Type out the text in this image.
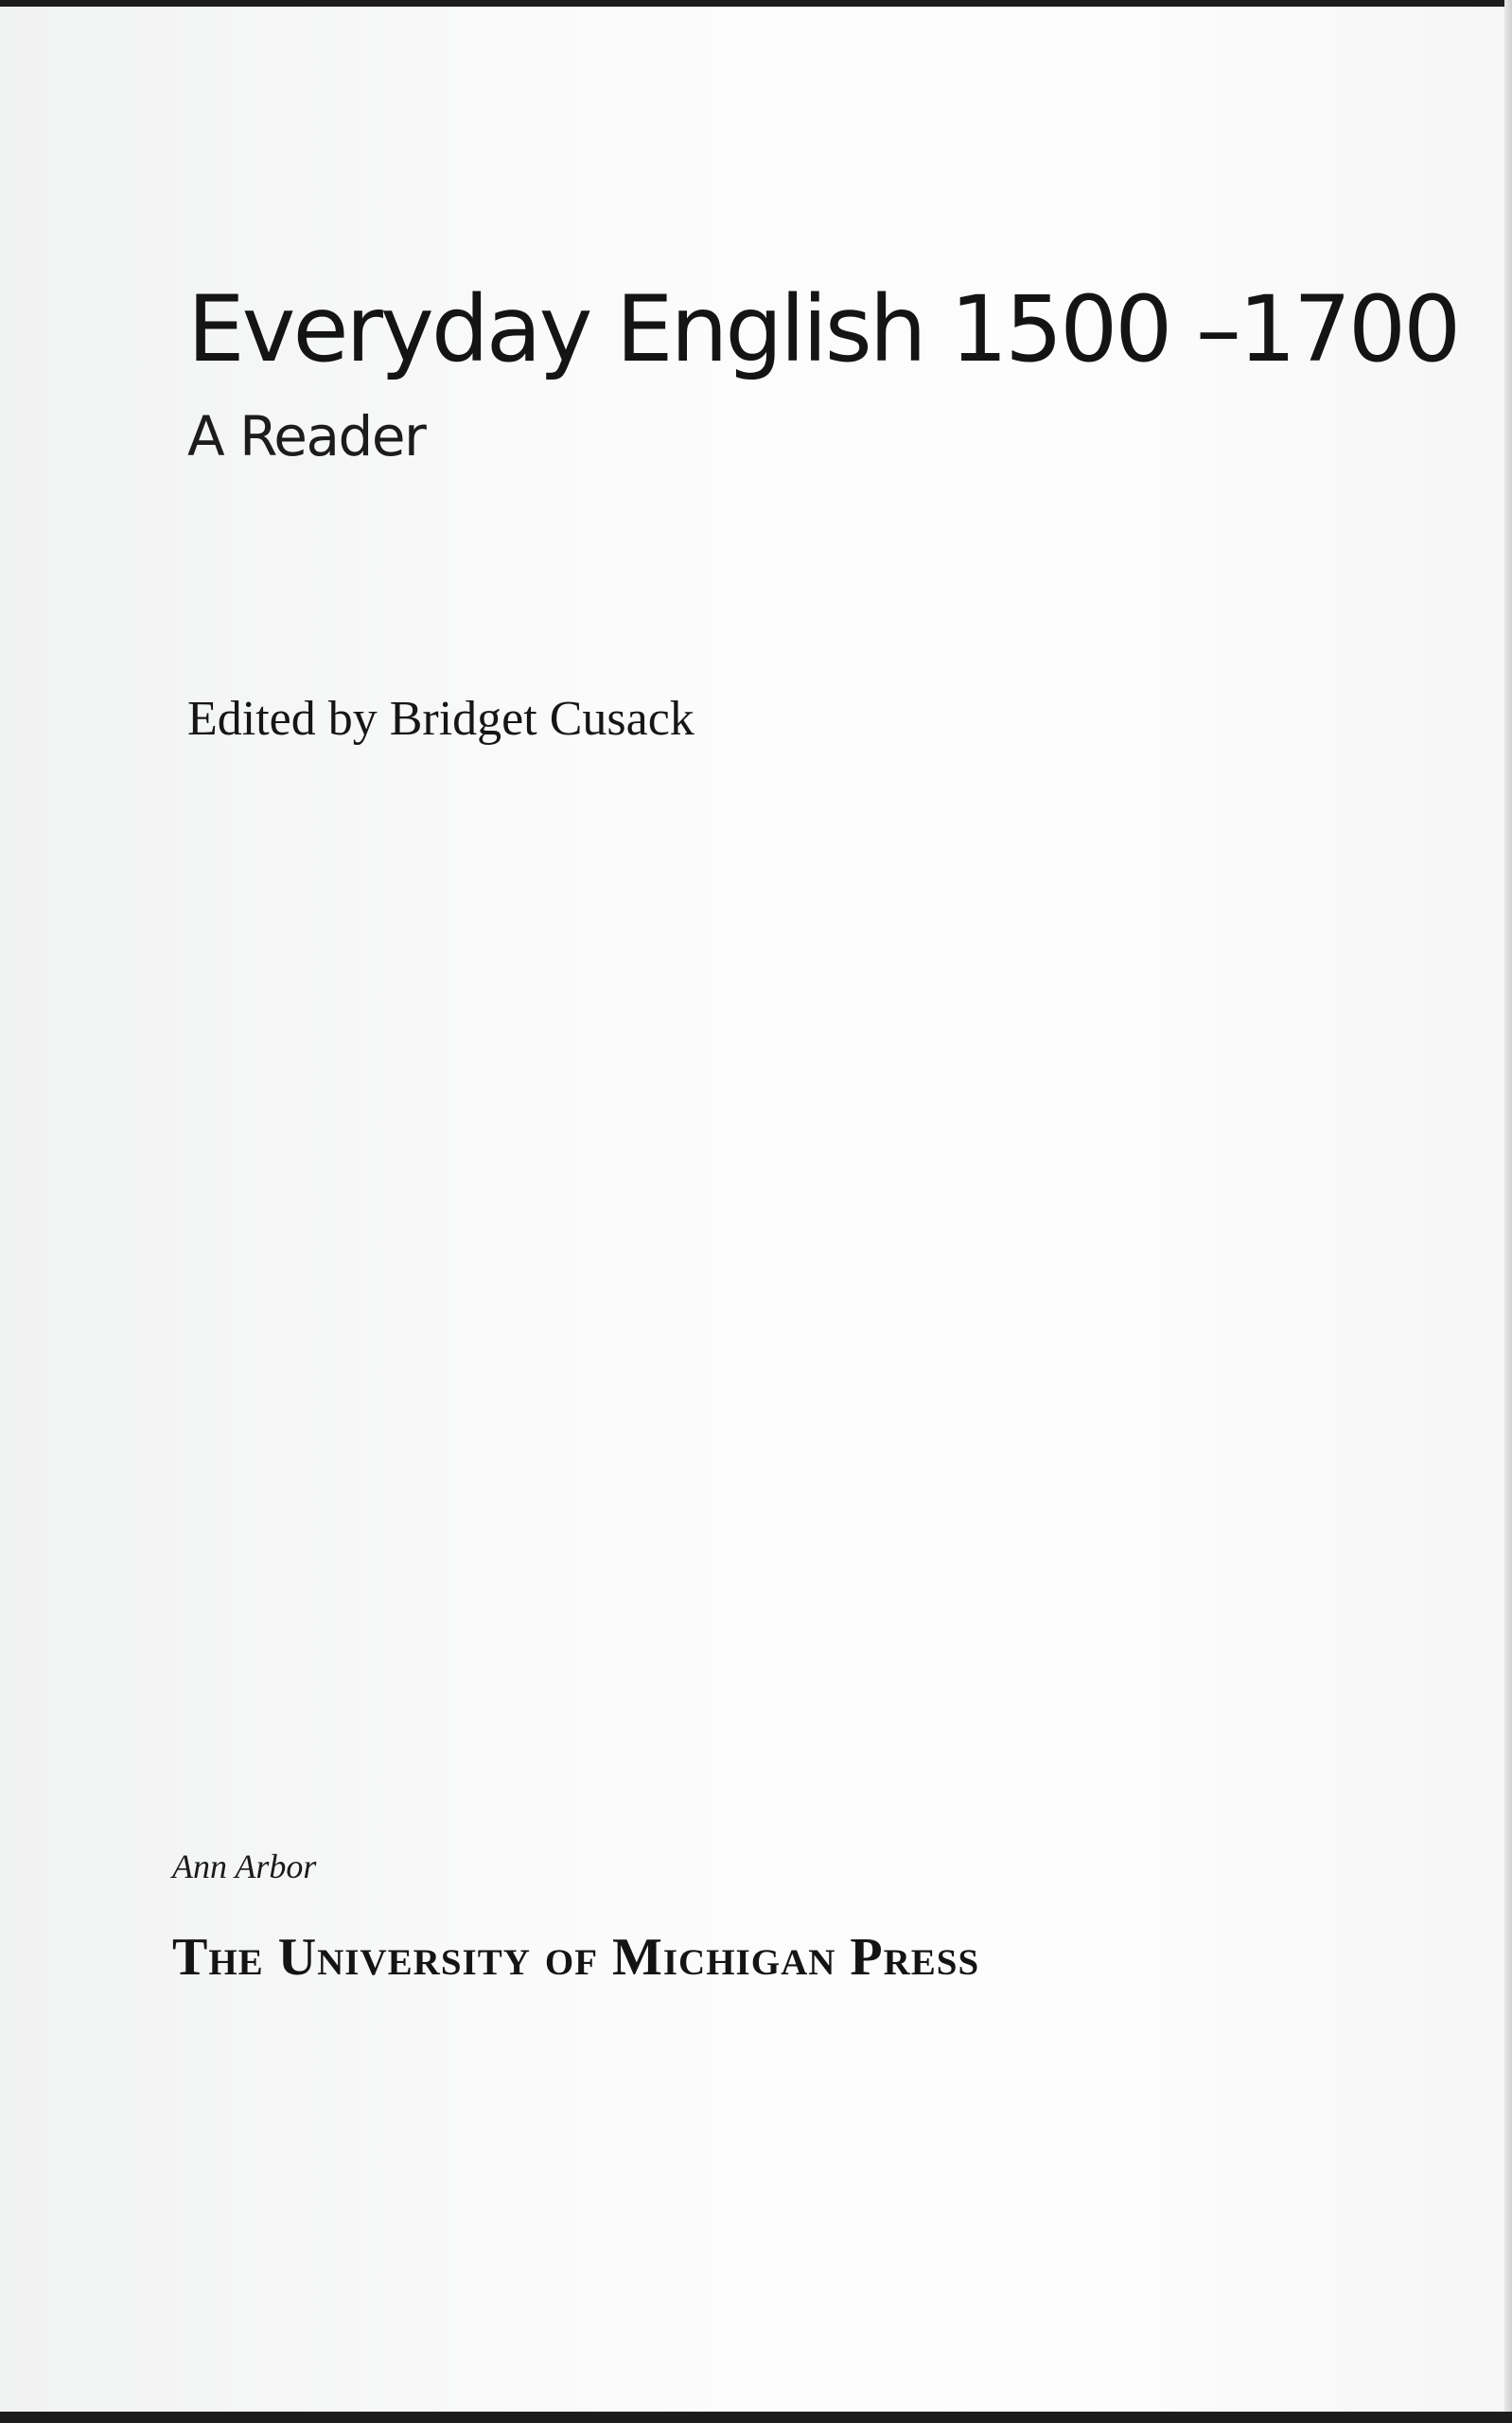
Everyday English 1500 –1700
A Reader

Edited by Bridget Cusack

Ann Arbor

The University of Michigan Press
